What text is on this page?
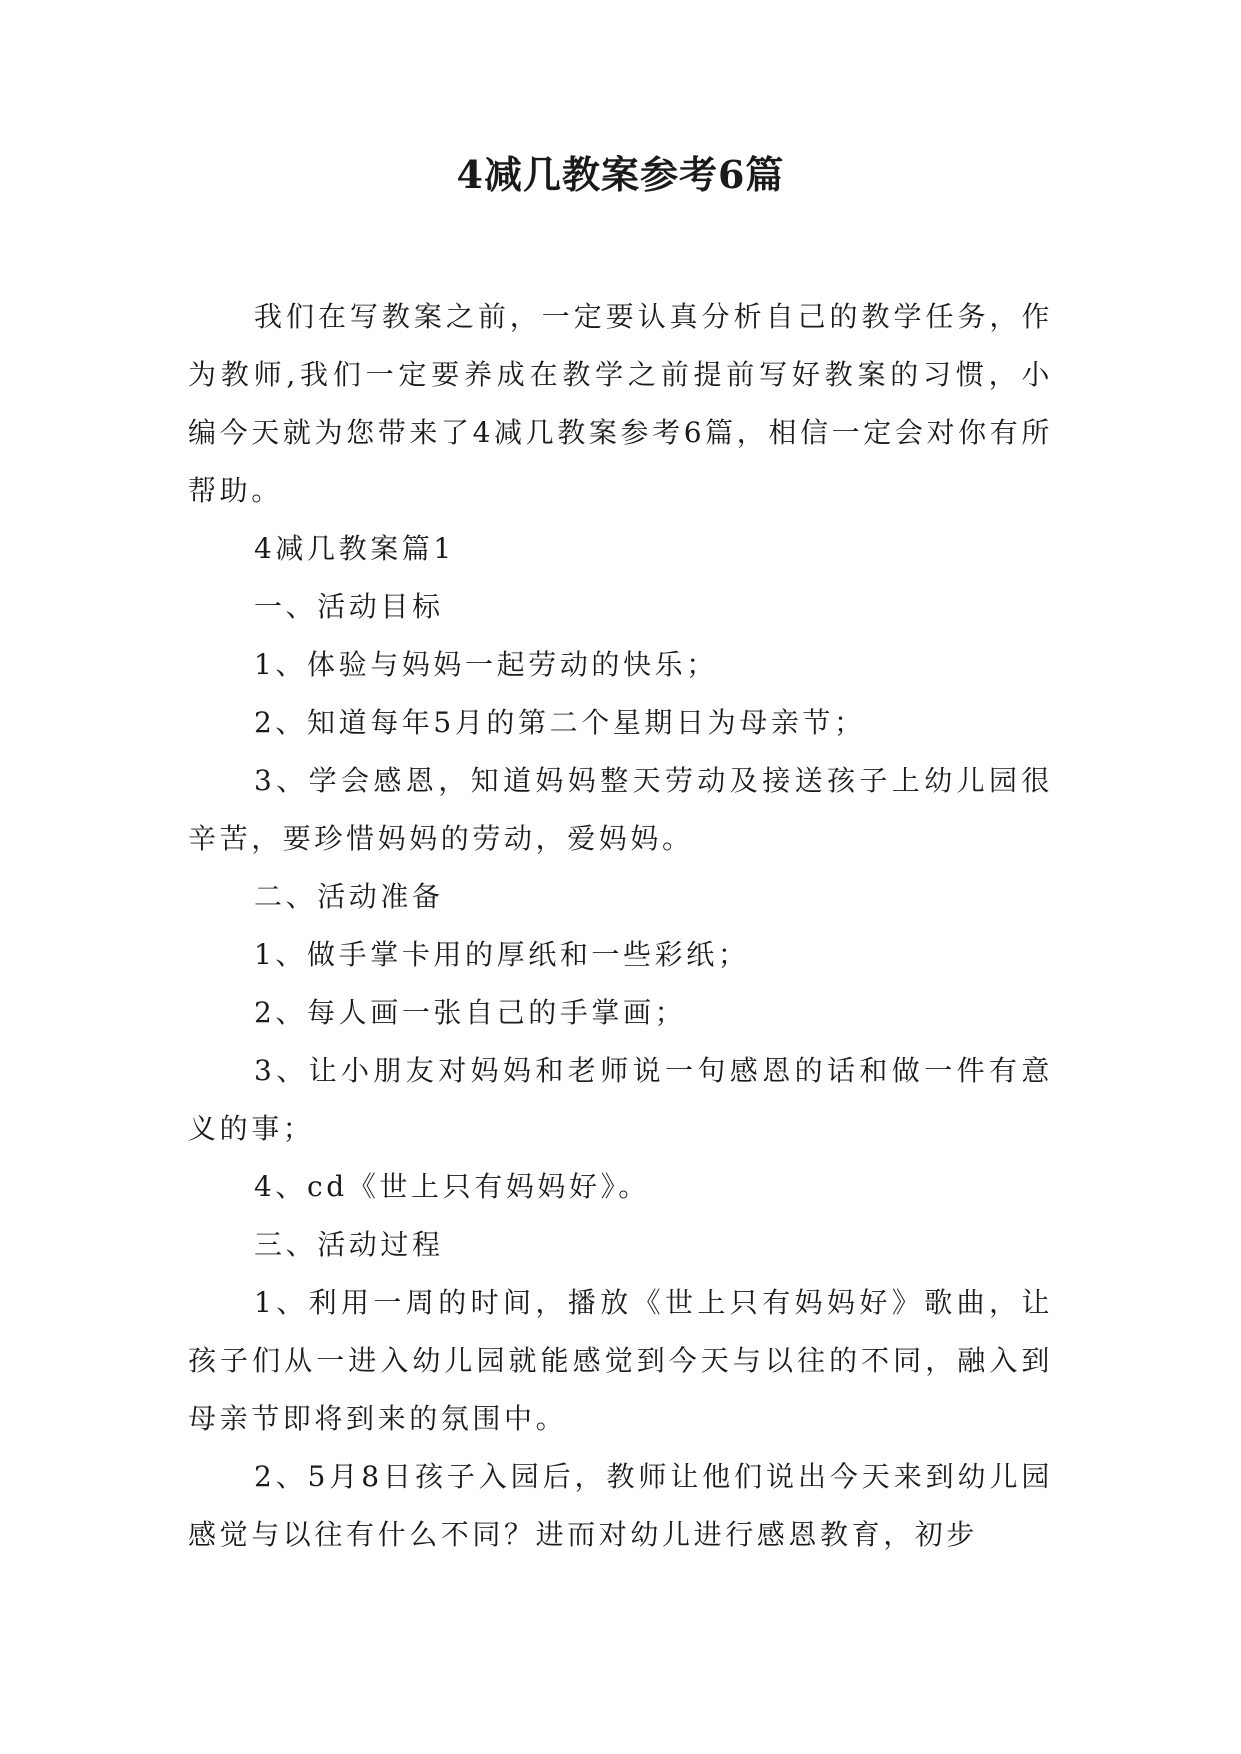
4减几教案参考6篇

我们在写教案之前，一定要认真分析自己的教学任务，作为教师,我们一定要养成在教学之前提前写好教案的习惯，小编今天就为您带来了4减几教案参考6篇，相信一定会对你有所帮助。

4减几教案篇1

一、活动目标

1、体验与妈妈一起劳动的快乐；

2、知道每年5月的第二个星期日为母亲节；

3、学会感恩，知道妈妈整天劳动及接送孩子上幼儿园很辛苦，要珍惜妈妈的劳动，爱妈妈。

二、活动准备

1、做手掌卡用的厚纸和一些彩纸；

2、每人画一张自己的手掌画；

3、让小朋友对妈妈和老师说一句感恩的话和做一件有意义的事；

4、cd《世上只有妈妈好》。

三、活动过程

1、利用一周的时间，播放《世上只有妈妈好》歌曲，让孩子们从一进入幼儿园就能感觉到今天与以往的不同，融入到母亲节即将到来的氛围中。

2、5月8日孩子入园后，教师让他们说出今天来到幼儿园感觉与以往有什么不同？进而对幼儿进行感恩教育，初步
